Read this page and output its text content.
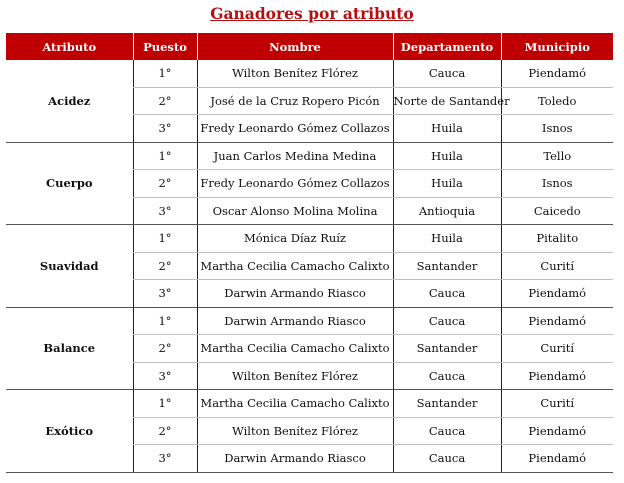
Ganadores por atributo
Atributo	Puesto	Nombre	Departamento	Municipio
Acidez	1°	Wilton Benítez Flórez	Cauca	Piendamó
	2°	José de la Cruz Ropero Picón	Norte de Santander	Toledo
	3°	Fredy Leonardo Gómez Collazos	Huila	Isnos
Cuerpo	1°	Juan Carlos Medina Medina	Huila	Tello
	2°	Fredy Leonardo Gómez Collazos	Huila	Isnos
	3°	Oscar Alonso Molina Molina	Antioquia	Caicedo
Suavidad	1°	Mónica Díaz Ruíz	Huila	Pitalito
	2°	Martha Cecilia Camacho Calixto	Santander	Curití
	3°	Darwin Armando Riasco	Cauca	Piendamó
Balance	1°	Darwin Armando Riasco	Cauca	Piendamó
	2°	Martha Cecilia Camacho Calixto	Santander	Curití
	3°	Wilton Benítez Flórez	Cauca	Piendamó
Exótico	1°	Martha Cecilia Camacho Calixto	Santander	Curití
	2°	Wilton Benítez Flórez	Cauca	Piendamó
	3°	Darwin Armando Riasco	Cauca	Piendamó
